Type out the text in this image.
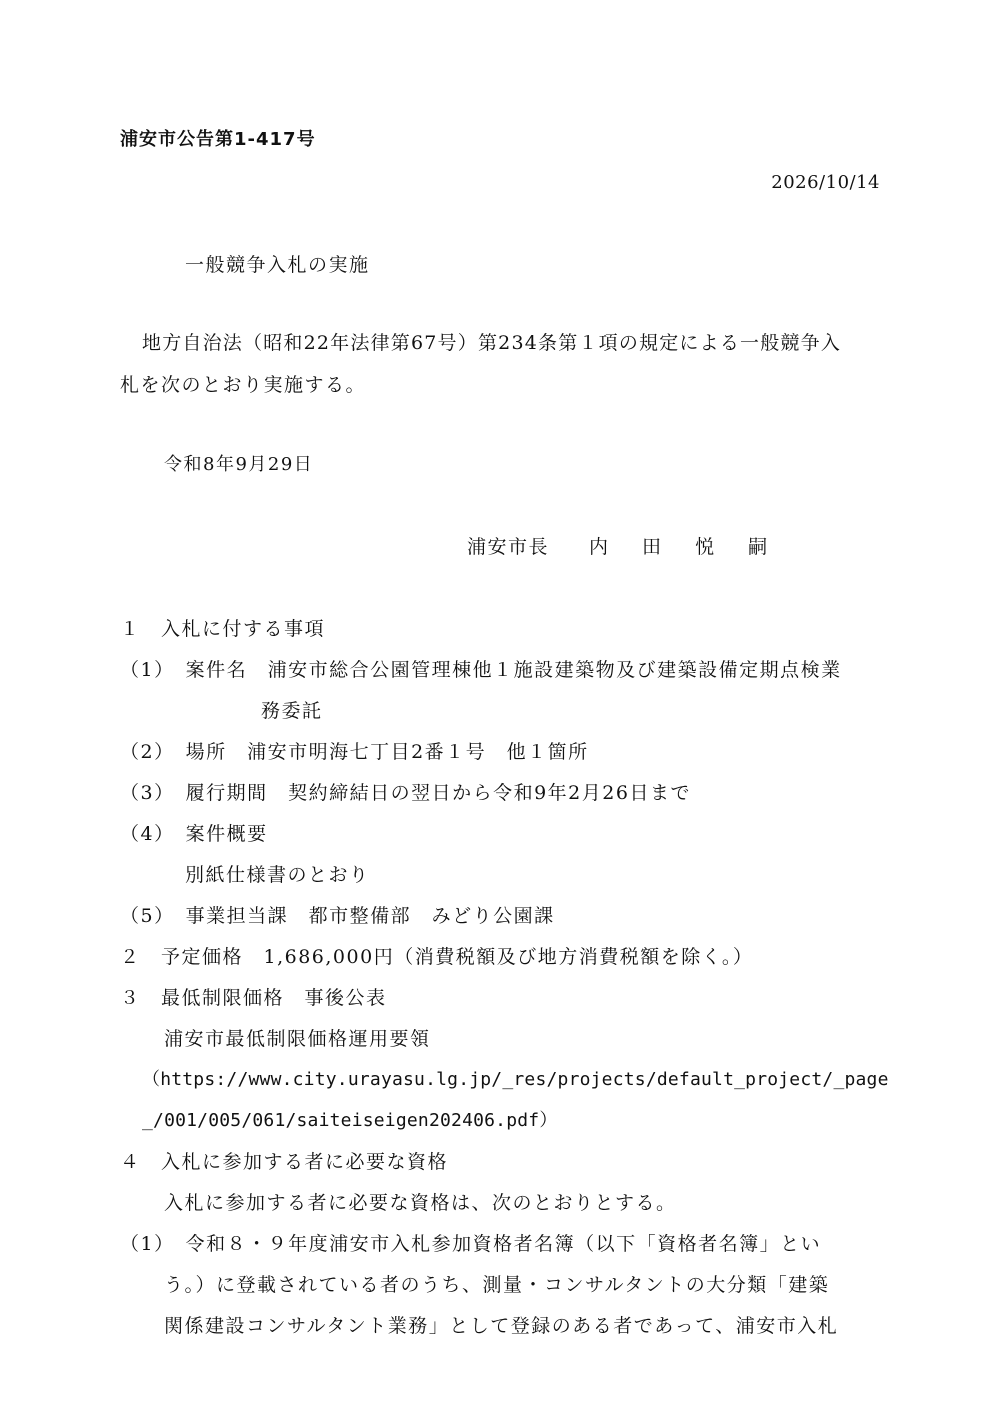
浦安市公告第1-417号
2026/10/14
一般競争入札の実施
地方自治法（昭和22年法律第67号）第234条第１項の規定による一般競争入
札を次のとおり実施する。
令和8年9月29日
浦安市長 内 田 悦 嗣
１　入札に付する事項
（1）　案件名　浦安市総合公園管理棟他１施設建築物及び建築設備定期点検業
務委託
（2）　場所　浦安市明海七丁目2番１号　他１箇所
（3）　履行期間　契約締結日の翌日から令和9年2月26日まで
（4）　案件概要
別紙仕様書のとおり
（5）　事業担当課　都市整備部　みどり公園課
２　予定価格　1,686,000円（消費税額及び地方消費税額を除く。）
３　最低制限価格　事後公表
浦安市最低制限価格運用要領
（https://www.city.urayasu.lg.jp/_res/projects/default_project/_page
_/001/005/061/saiteiseigen202406.pdf）
４　入札に参加する者に必要な資格
入札に参加する者に必要な資格は、次のとおりとする。
（1）　令和８・９年度浦安市入札参加資格者名簿（以下「資格者名簿」とい
う。）に登載されている者のうち、測量・コンサルタントの大分類「建築
関係建設コンサルタント業務」として登録のある者であって、浦安市入札
